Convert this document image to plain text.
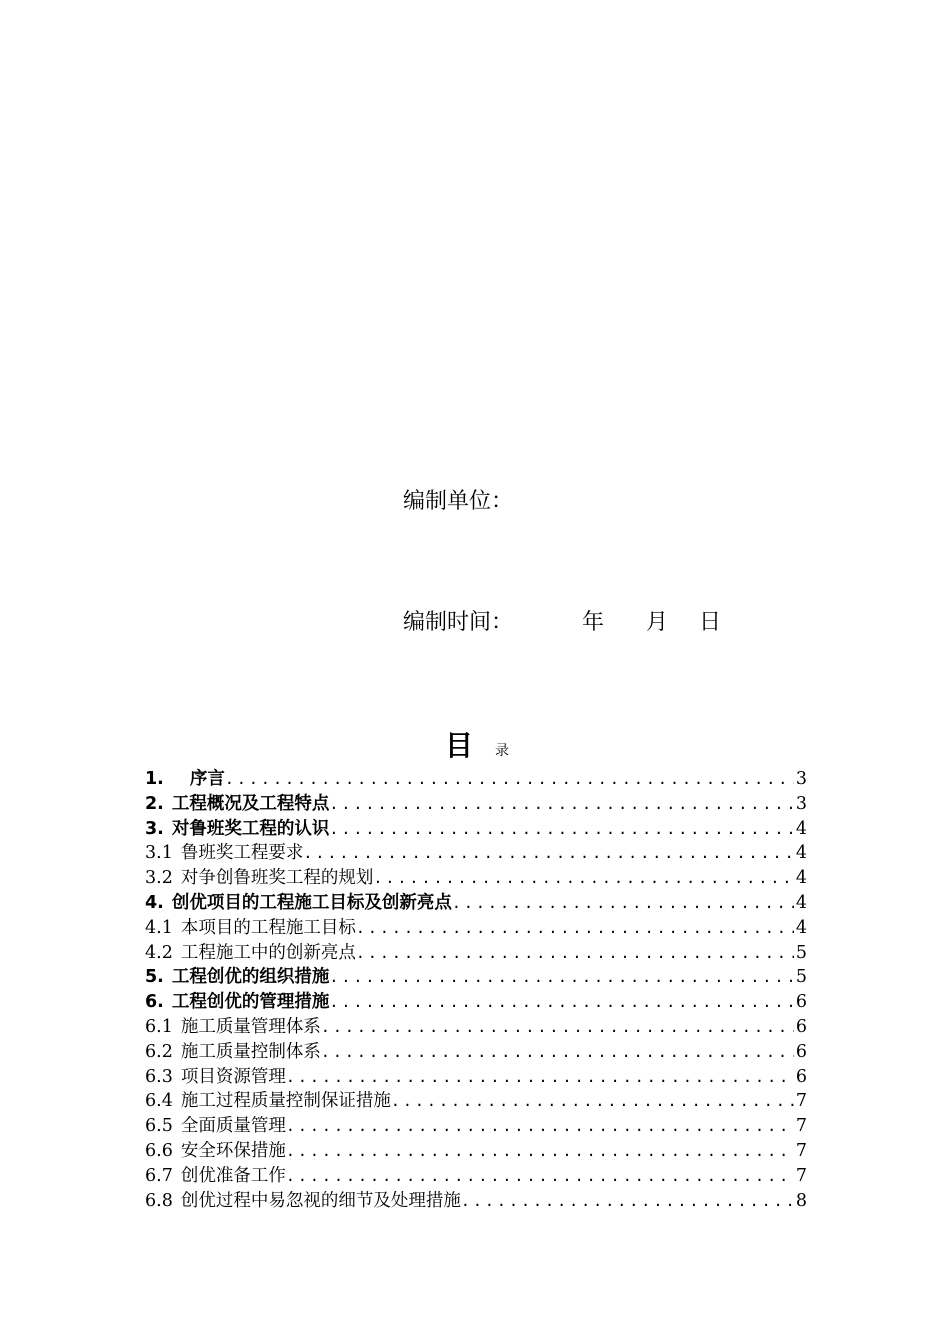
编制单位：
编制时间：	年 月 日
目 录
1.	序言 .....	3
2. 工程概况及工程特点 .....	3
3. 对鲁班奖工程的认识 .....	4
3.1 鲁班奖工程要求 .....	4
3.2 对争创鲁班奖工程的规划 .....	4
4. 创优项目的工程施工目标及创新亮点 .....	4
4.1 本项目的工程施工目标 .....	4
4.2 工程施工中的创新亮点 .....	5
5. 工程创优的组织措施 .....	5
6. 工程创优的管理措施 .....	6
6.1 施工质量管理体系 .....	6
6.2 施工质量控制体系 .....	6
6.3 项目资源管理 .....	6
6.4 施工过程质量控制保证措施 .....	7
6.5 全面质量管理 .....	7
6.6 安全环保措施 .....	7
6.7 创优准备工作 .....	7
6.8 创优过程中易忽视的细节及处理措施 .....	8
